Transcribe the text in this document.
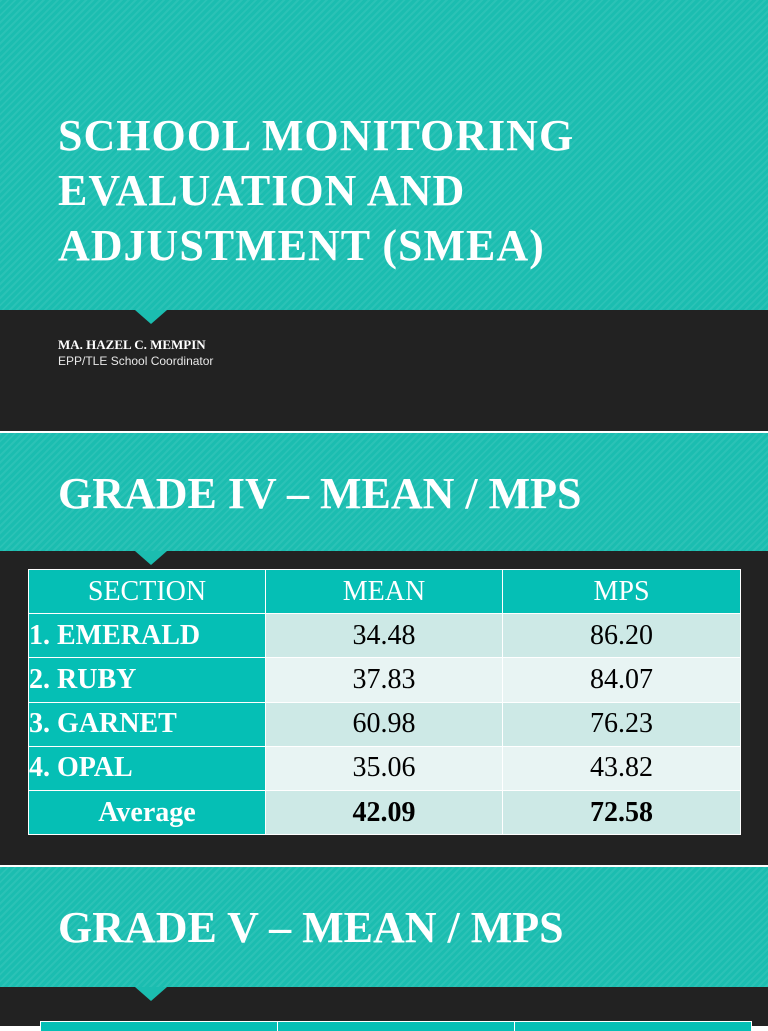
SCHOOL MONITORING EVALUATION AND ADJUSTMENT (SMEA)
MA. HAZEL C. MEMPIN
EPP/TLE School Coordinator
GRADE IV – MEAN / MPS
SECTION	MEAN	MPS
1. EMERALD	34.48	86.20
2. RUBY	37.83	84.07
3. GARNET	60.98	76.23
4. OPAL	35.06	43.82
Average	42.09	72.58
GRADE V – MEAN / MPS
